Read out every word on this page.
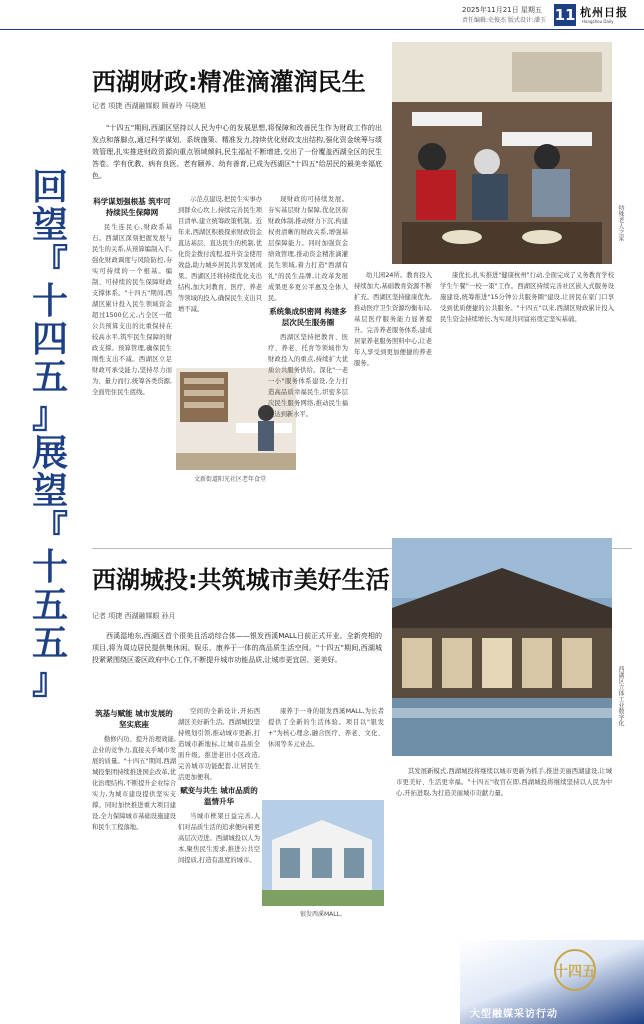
2025年11月21日 星期五
责任编辑:史俊杰 版式设计:潘玉 11 杭州日报
Hangzhou Daily
回
望
『
十
四
五
』
展
望
『
十
五
五
』
西湖财政:精准滴灌润民生
记者 项捷 西湖融媒眼 顾春玲 马晓旭

"十四五"期间,西湖区坚持以人民为中心的发展思想,将保障和改善民生作为财政工作的出发点和落脚点,通过科学谋划、系统施策、精准发力,持续优化财政支出结构,强化资金统筹与绩效管理,扎实推进财政资源向重点领域倾斜,民生福祉不断增进,交出了一份覆盖西湖全区的民生答卷。学有优教、病有良医、老有颐养、幼有善育,已成为西湖区"十四五"给居民的最美幸福底色。

特殊老人之家
文新街道阳光社区老年食堂
科学谋划强根基 筑牢可持续民生保障网

民生连民心,财政系基石。西湖区深刻把握发展与民生的关系,从预算编制入手,强化财政调度与风险防控,夯实可持续的一个根基。编制、可持续的民生保障财政支撑体系。"十四五"期间,西湖区累计投入民生领域资金超过1500亿元,占全区一般公共预算支出的比重保持在较高水平,筑牢民生保障的财政支撑。预算管理,确保民生刚性支出不减。西湖区立足财政可承受能力,坚持尽力而为、量力而行,统筹各类资源,全面兜住民生底线。

示范点建设,把民生实事办到群众心坎上,持续完善民生项目清单,建立统筹政策机制。近年来,西湖区积极探索财政资金直达基层、直达民生的机制,优化资金拨付流程,提升资金使用效益,助力城乡居民共享发展成果。西湖区还将持续优化支出结构,加大对教育、医疗、养老等领域的投入,确保民生支出只增不减。

现财政的可持续发展。夯实基层财力保障,优化区街财政体制,推动财力下沉,构建权责清晰的财政关系,增强基层保障能力。同时加强资金绩效管理,推动资金精准滴灌民生领域,着力打造"西湖有礼"的民生品牌,让改革发展成果更多更公平惠及全体人民。

系统集成织密网 构建多层次民生服务圈

西湖区坚持把教育、医疗、养老、托育等领域作为财政投入的重点,持续扩大优质公共服务供给。深化"一老一小"服务体系建设,全力打造高品质幸福民生,织密多层次民生服务网络,推动民生福祉达到新水平。

幼儿园24所。教育投入持续加大,基础教育资源不断扩充。西湖区坚持健康优先,推动医疗卫生资源均衡布局,基层医疗服务能力显著提升。完善养老服务体系,建成居家养老服务照料中心,让老年人享受到更加便捷的养老服务。

康优长,扎实推进"健康杭州"行动,全面完成了义务教育学校学生午餐"一校一策"工作。西湖区持续完善社区嵌入式服务设施建设,统筹推进"15分钟公共服务圈"建设,让居民在家门口享受到优质便捷的公共服务。"十四五"以来,西湖区财政累计投入民生资金持续增长,为实现共同富裕奠定坚实基础。

西湖城投:共筑城市美好生活
记者 项捷 西湖融媒眼 孙月

西溪湿地东,西湖区首个很美且活动综合体——银发西溪MALL日前正式开业。全新亮相的项目,将为周边居民提供集休闲、娱乐、康养于一体的高品质生活空间。"十四五"期间,西湖城投紧紧围绕区委区政府中心工作,不断提升城市功能品质,让城市更宜居、更美好。

西湖区立体工业数字化
银发西溪MALL。
筑基与赋能 城市发展的坚实底座

勤修内功、提升治理效能,企业的竞争力,直接关乎城市发展的质量。"十四五"期间,西湖城投集团持续推进国企改革,优化治理结构,不断提升企业综合实力,为城市建设提供坚实支撑。同时加快推进重大项目建设,全力保障城市基础设施建设和民生工程落地。

空间的全新设计,开拓西湖区美好新生活。西湖城投坚持规划引领,推动城市更新,打造城市新地标,让城市品质全面升级。推进老旧小区改造,完善城市功能配套,让居民生活更加便利。

赋变与共生 城市品质的温情升华

当城市框架日益完善,人们对品质生活的追求便向着更高层次迈进。西湖城投以人为本,聚焦民生需求,推进公共空间提质,打造有温度的城市。

康养于一身的银发西溪MALL,为长者提供了全新的生活体验。项目以"银发+"为核心理念,融合医疗、养老、文化、休闲等多元业态。

其发展新模式,西湖城投将继续以城市更新为抓手,推进美丽西湖建设,让城市更美好、生活更幸福。"十四五"收官在即,西湖城投将继续坚持以人民为中心,开拓进取,为打造美丽城市贡献力量。

十四五
大型融媒采访行动
